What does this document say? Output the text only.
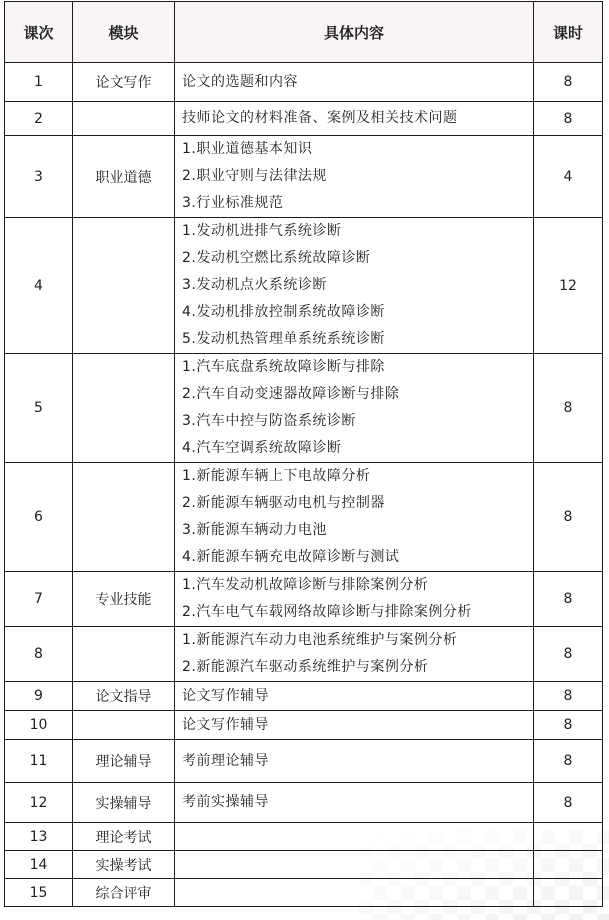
课次	模块	具体内容	课时
1	论文写作	论文的选题和内容	8
2		技师论文的材料准备、案例及相关技术问题	8
3	职业道德	1.职业道德基本知识
2.职业守则与法律法规
3.行业标准规范	4
4		1.发动机进排气系统诊断
2.发动机空燃比系统故障诊断
3.发动机点火系统诊断
4.发动机排放控制系统故障诊断
5.发动机热管理单系统系统诊断	12
5		1.汽车底盘系统故障诊断与排除
2.汽车自动变速器故障诊断与排除
3.汽车中控与防盗系统诊断
4.汽车空调系统故障诊断	8
6		1.新能源车辆上下电故障分析
2.新能源车辆驱动电机与控制器
3.新能源车辆动力电池
4.新能源车辆充电故障诊断与测试	8
7	专业技能	1.汽车发动机故障诊断与排除案例分析
2.汽车电气车载网络故障诊断与排除案例分析	8
8		1.新能源汽车动力电池系统维护与案例分析
2.新能源汽车驱动系统维护与案例分析	8
9	论文指导	论文写作辅导	8
10		论文写作辅导	8
11	理论辅导	考前理论辅导	8
12	实操辅导	考前实操辅导	8
13	理论考试		
14	实操考试		
15	综合评审		
